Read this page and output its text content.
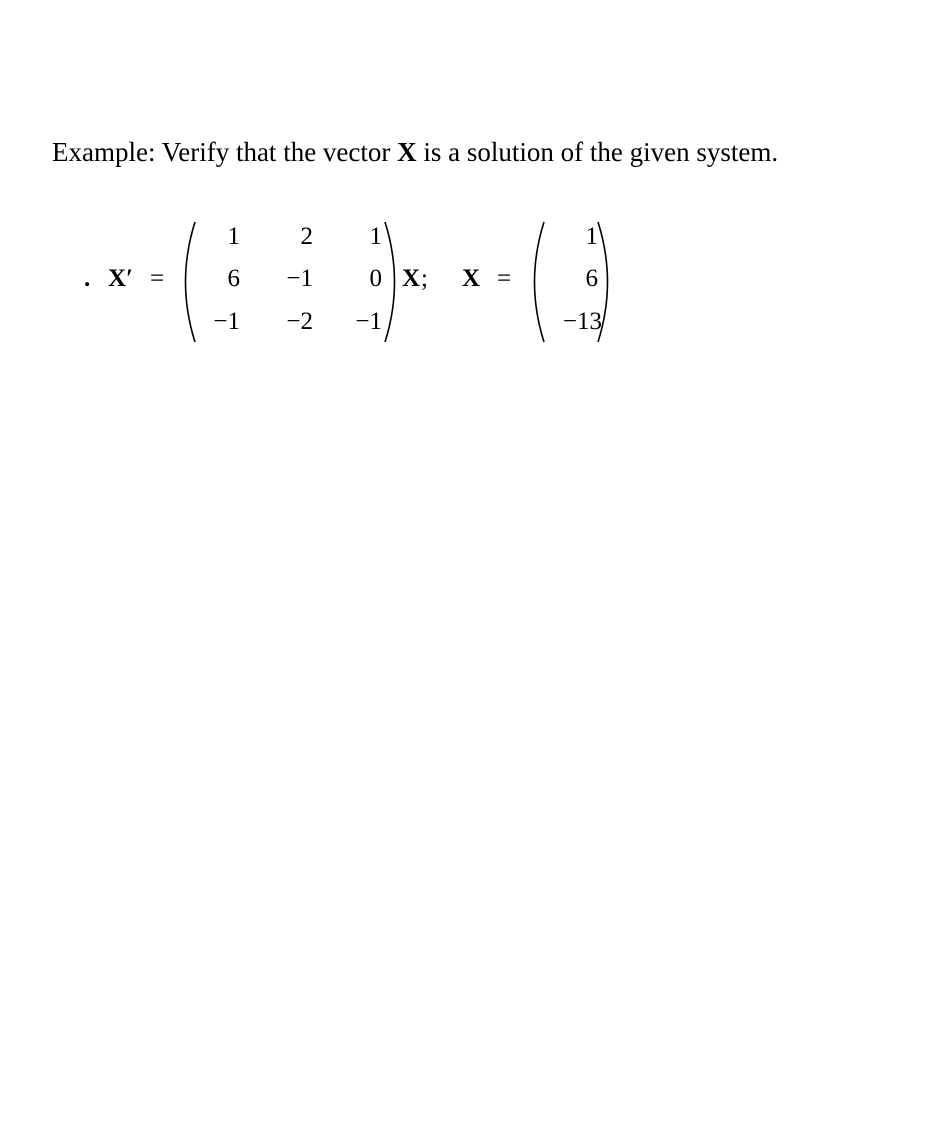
Example: Verify that the vector X is a solution of the given system.
. X′ =
1 2 1
6 −1 0
−1 −2 −1
X ; X =
1
6
−13
